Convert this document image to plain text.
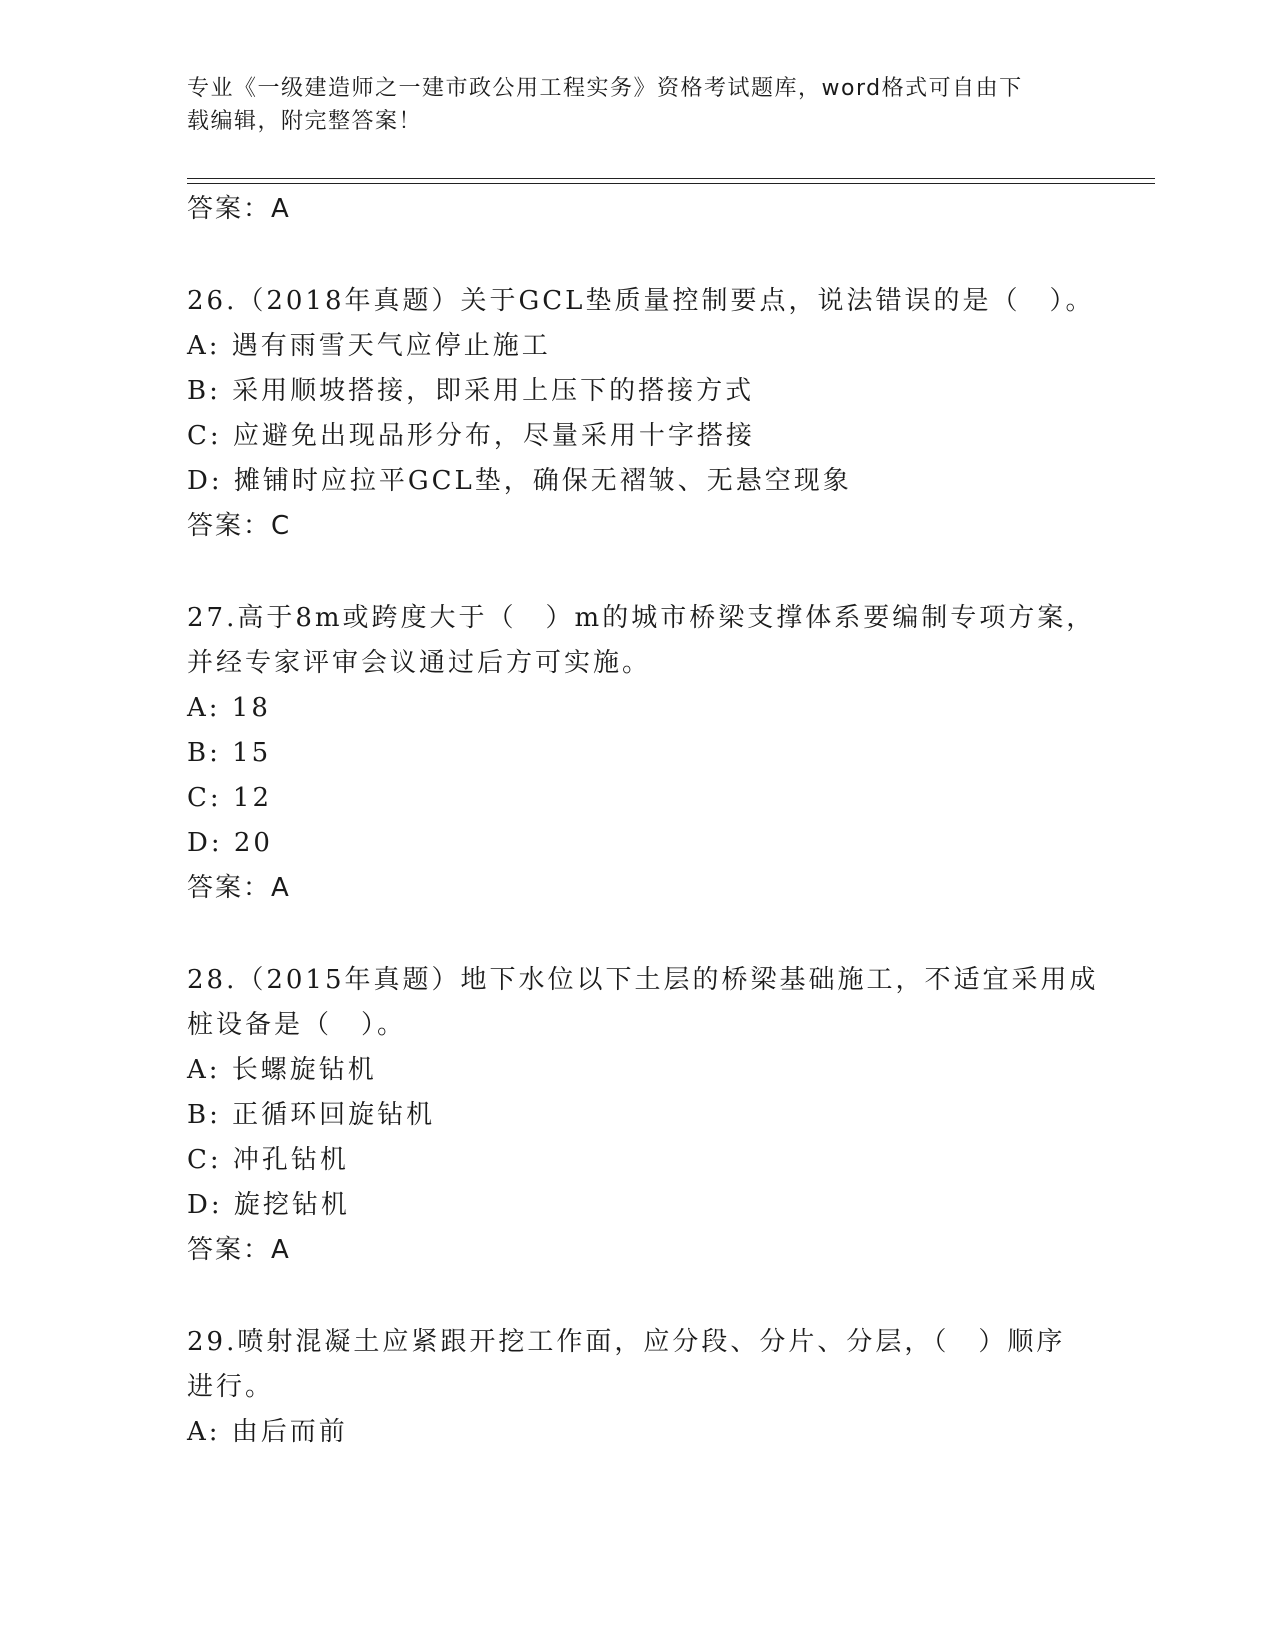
专业《一级建造师之一建市政公用工程实务》资格考试题库，word格式可自由下
载编辑，附完整答案！
答案：A
26.（2018年真题）关于GCL垫质量控制要点，说法错误的是（　）。
A: 遇有雨雪天气应停止施工
B: 采用顺坡搭接，即采用上压下的搭接方式
C: 应避免出现品形分布，尽量采用十字搭接
D: 摊铺时应拉平GCL垫，确保无褶皱、无悬空现象
答案：C
27.高于8m或跨度大于（　）m的城市桥梁支撑体系要编制专项方案，
并经专家评审会议通过后方可实施。
A: 18
B: 15
C: 12
D: 20
答案：A
28.（2015年真题）地下水位以下土层的桥梁基础施工，不适宜采用成
桩设备是（　）。
A: 长螺旋钻机
B: 正循环回旋钻机
C: 冲孔钻机
D: 旋挖钻机
答案：A
29.喷射混凝土应紧跟开挖工作面，应分段、分片、分层，（　）顺序
进行。
A: 由后而前
